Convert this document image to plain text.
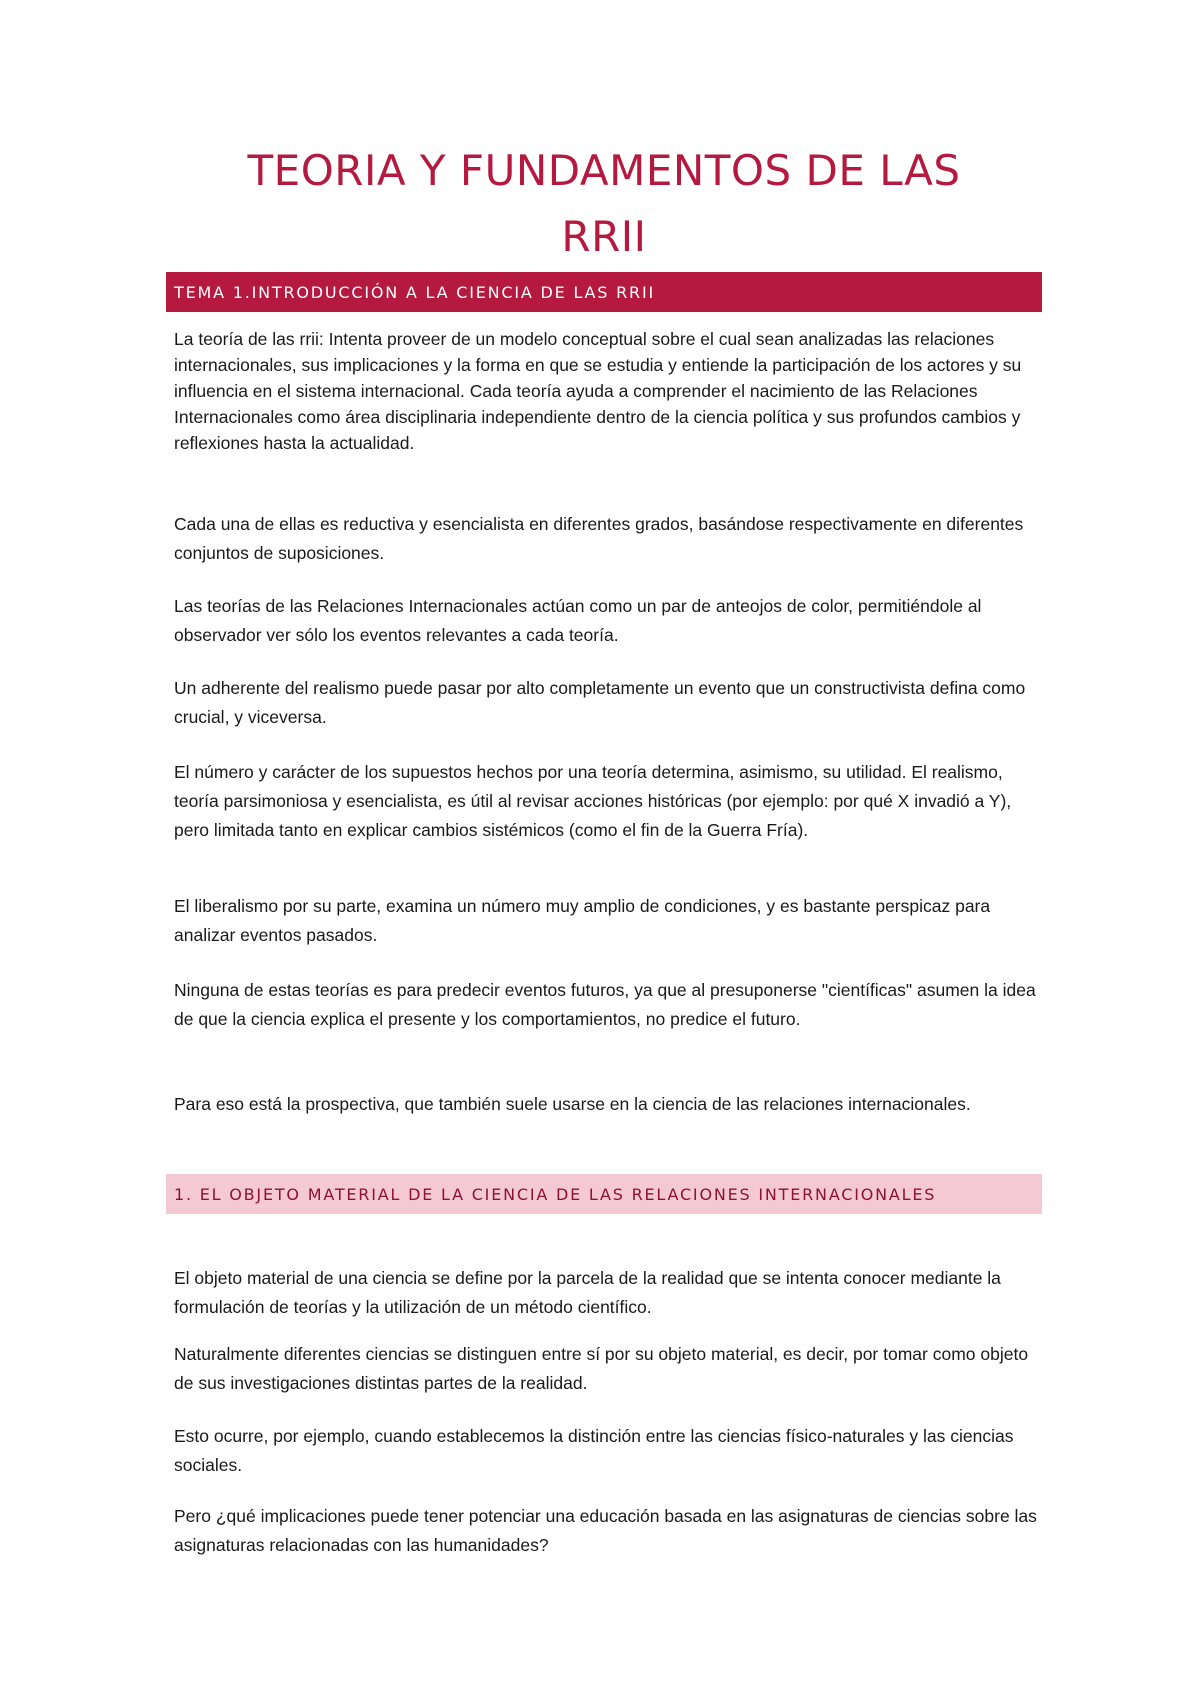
TEORIA Y FUNDAMENTOS DE LAS
RRII
TEMA 1.INTRODUCCIÓN A LA CIENCIA DE LAS RRII

La teoría de las rrii: Intenta proveer de un modelo conceptual sobre el cual sean analizadas las relaciones internacionales, sus implicaciones y la forma en que se estudia y entiende la participación de los actores y su influencia en el sistema internacional. Cada teoría ayuda a comprender el nacimiento de las Relaciones Internacionales como área disciplinaria independiente dentro de la ciencia política y sus profundos cambios y reflexiones hasta la actualidad.

Cada una de ellas es reductiva y esencialista en diferentes grados, basándose respectivamente en diferentes conjuntos de suposiciones.

Las teorías de las Relaciones Internacionales actúan como un par de anteojos de color, permitiéndole al observador ver sólo los eventos relevantes a cada teoría.

Un adherente del realismo puede pasar por alto completamente un evento que un constructivista defina como crucial, y viceversa.

El número y carácter de los supuestos hechos por una teoría determina, asimismo, su utilidad. El realismo, teoría parsimoniosa y esencialista, es útil al revisar acciones históricas (por ejemplo: por qué X invadió a Y), pero limitada tanto en explicar cambios sistémicos (como el fin de la Guerra Fría).

El liberalismo por su parte, examina un número muy amplio de condiciones, y es bastante perspicaz para analizar eventos pasados.

Ninguna de estas teorías es para predecir eventos futuros, ya que al presuponerse "científicas" asumen la idea de que la ciencia explica el presente y los comportamientos, no predice el futuro.

Para eso está la prospectiva, que también suele usarse en la ciencia de las relaciones internacionales.

1. EL OBJETO MATERIAL DE LA CIENCIA DE LAS RELACIONES INTERNACIONALES

El objeto material de una ciencia se define por la parcela de la realidad que se intenta conocer mediante la formulación de teorías y la utilización de un método científico.

Naturalmente diferentes ciencias se distinguen entre sí por su objeto material, es decir, por tomar como objeto de sus investigaciones distintas partes de la realidad.

Esto ocurre, por ejemplo, cuando establecemos la distinción entre las ciencias físico-naturales y las ciencias sociales.

Pero ¿qué implicaciones puede tener potenciar una educación basada en las asignaturas de ciencias sobre las asignaturas relacionadas con las humanidades?
